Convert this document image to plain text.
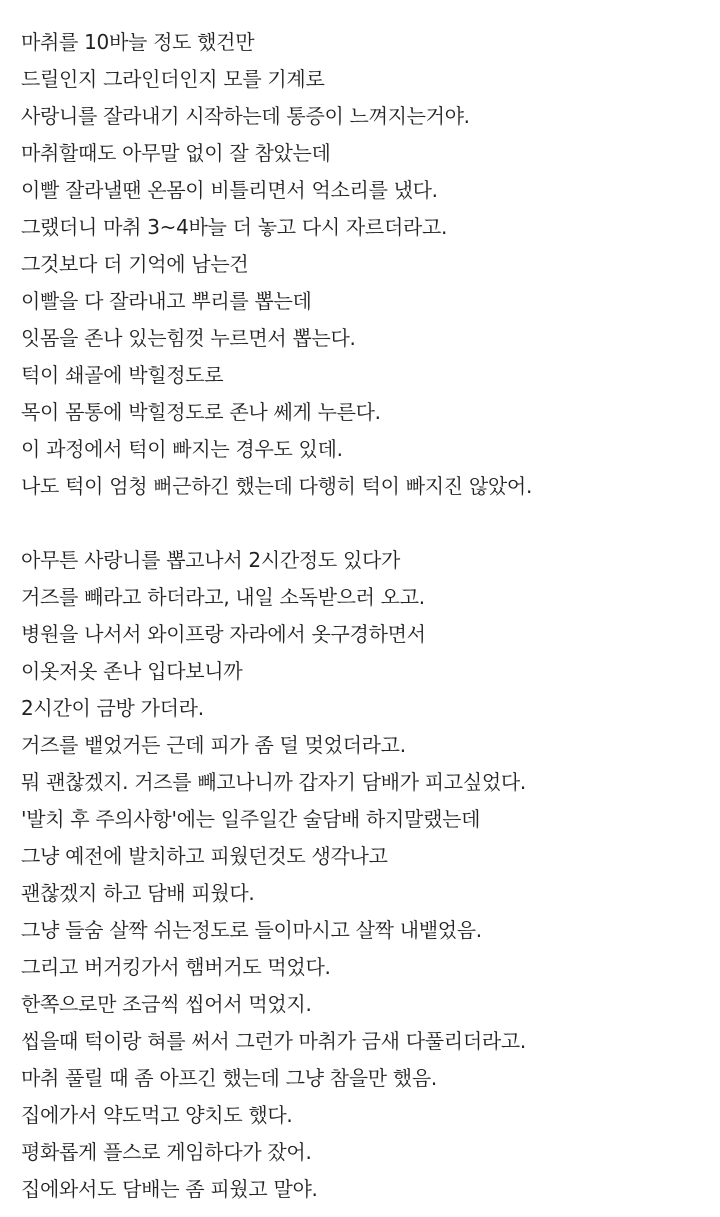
마취를 10바늘 정도 했건만
드릴인지 그라인더인지 모를 기계로
사랑니를 잘라내기 시작하는데 통증이 느껴지는거야.
마취할때도 아무말 없이 잘 참았는데
이빨 잘라낼땐 온몸이 비틀리면서 억소리를 냈다.
그랬더니 마취 3~4바늘 더 놓고 다시 자르더라고.
그것보다 더 기억에 남는건
이빨을 다 잘라내고 뿌리를 뽑는데
잇몸을 존나 있는힘껏 누르면서 뽑는다.
턱이 쇄골에 박힐정도로
목이 몸통에 박힐정도로 존나 쎄게 누른다.
이 과정에서 턱이 빠지는 경우도 있데.
나도 턱이 엄청 뻐근하긴 했는데 다행히 턱이 빠지진 않았어.
아무튼 사랑니를 뽑고나서 2시간정도 있다가
거즈를 빼라고 하더라고, 내일 소독받으러 오고.
병원을 나서서 와이프랑 자라에서 옷구경하면서
이옷저옷 존나 입다보니까
2시간이 금방 가더라.
거즈를 뱉었거든 근데 피가 좀 덜 멎었더라고.
뭐 괜찮겠지. 거즈를 빼고나니까 갑자기 담배가 피고싶었다.
'발치 후 주의사항'에는 일주일간 술담배 하지말랬는데
그냥 예전에 발치하고 피웠던것도 생각나고
괜찮겠지 하고 담배 피웠다.
그냥 들숨 살짝 쉬는정도로 들이마시고 살짝 내뱉었음.
그리고 버거킹가서 햄버거도 먹었다.
한쪽으로만 조금씩 씹어서 먹었지.
씹을때 턱이랑 혀를 써서 그런가 마취가 금새 다풀리더라고.
마취 풀릴 때 좀 아프긴 했는데 그냥 참을만 했음.
집에가서 약도먹고 양치도 했다.
평화롭게 플스로 게임하다가 잤어.
집에와서도 담배는 좀 피웠고 말야.
